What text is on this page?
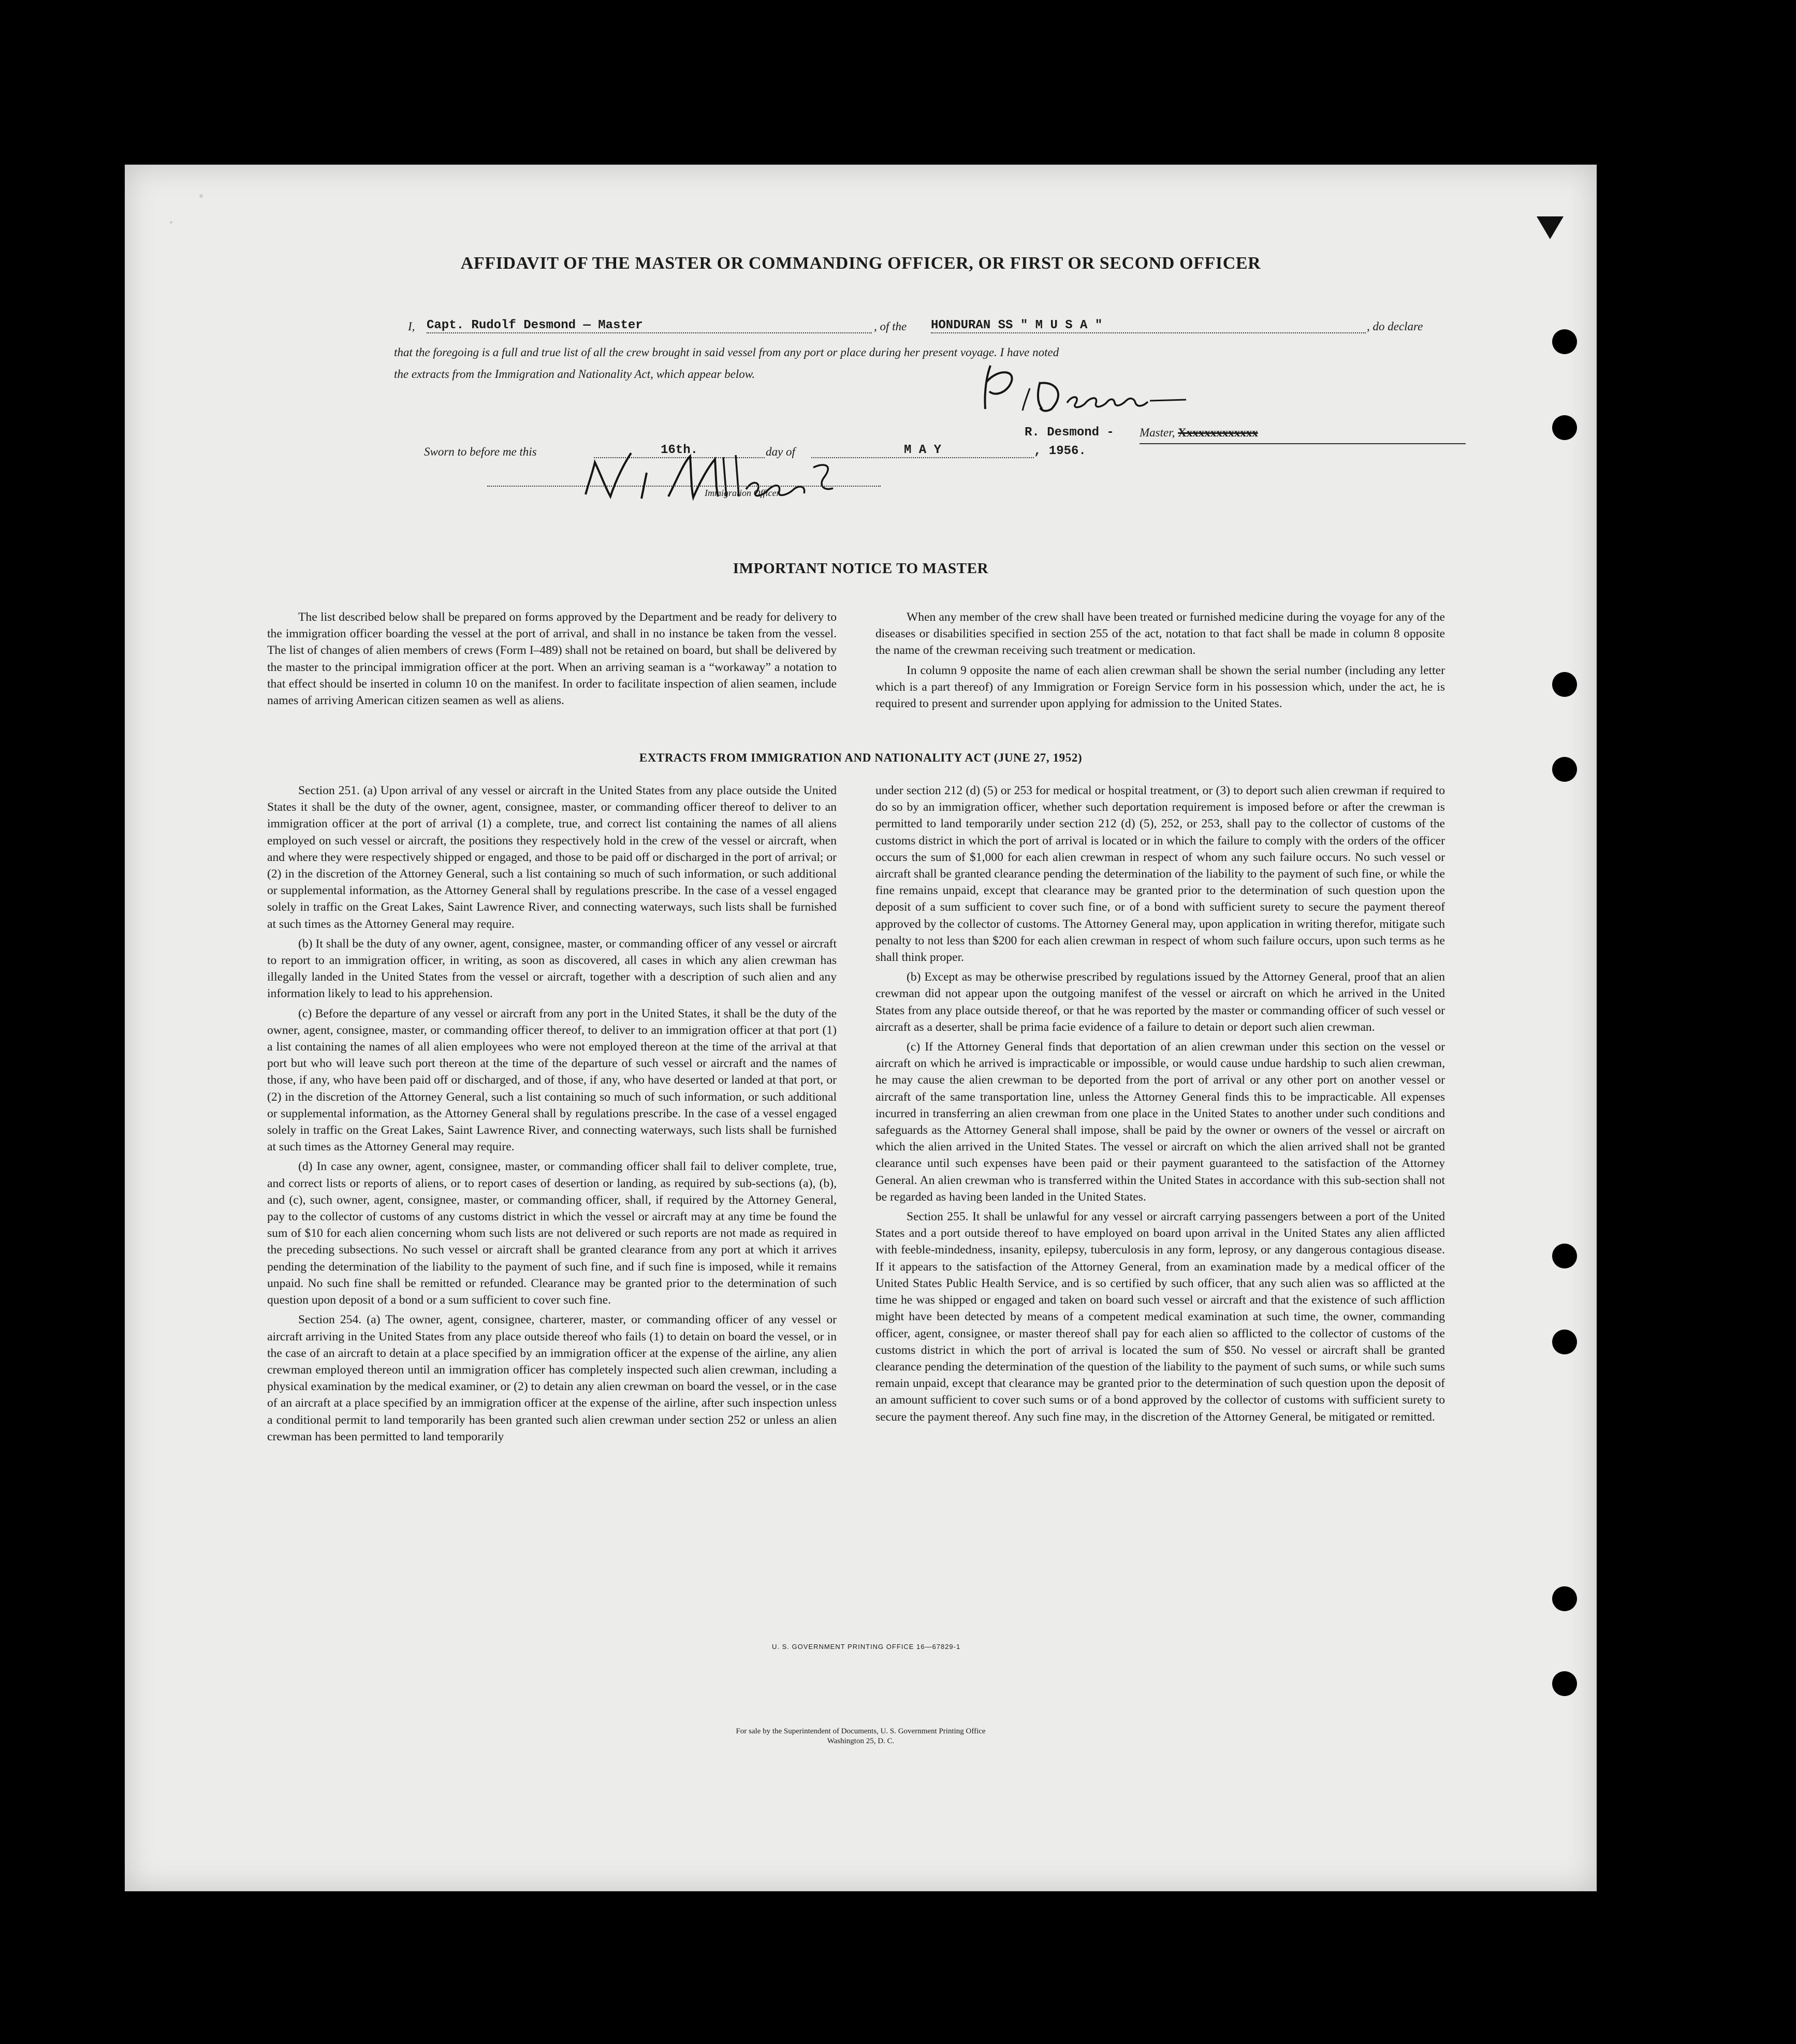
AFFIDAVIT OF THE MASTER OR COMMANDING OFFICER, OR FIRST OR SECOND OFFICER
I, Capt. Rudolf Desmond — Master	, of the HONDURAN SS " M U S A "	, do declare
that the foregoing is a full and true list of all the crew brought in said vessel from any port or place during her present voyage. I have noted
the extracts from the Immigration and Nationality Act, which appear below.
R. Desmond - Master, Xxxxxxxxxxxxx
Sworn to before me this	16th.	day of	M A Y	, 1956.
Immigration Officer.
IMPORTANT NOTICE TO MASTER

The list described below shall be prepared on forms approved by the Department and be ready for delivery to the immigration officer boarding the vessel at the port of arrival, and shall in no instance be taken from the vessel. The list of changes of alien members of crews (Form I–489) shall not be retained on board, but shall be delivered by the master to the principal immigration officer at the port. When an arriving seaman is a “workaway” a notation to that effect should be inserted in column 10 on the manifest. In order to facilitate inspection of alien seamen, include names of arriving American citizen seamen as well as aliens.

When any member of the crew shall have been treated or furnished medicine during the voyage for any of the diseases or disabilities specified in section 255 of the act, notation to that fact shall be made in column 8 opposite the name of the crewman receiving such treatment or medication.

In column 9 opposite the name of each alien crewman shall be shown the serial number (including any letter which is a part thereof) of any Immigration or Foreign Service form in his possession which, under the act, he is required to present and surrender upon applying for admission to the United States.

EXTRACTS FROM IMMIGRATION AND NATIONALITY ACT (JUNE 27, 1952)

Section 251. (a) Upon arrival of any vessel or aircraft in the United States from any place outside the United States it shall be the duty of the owner, agent, consignee, master, or commanding officer thereof to deliver to an immigration officer at the port of arrival (1) a complete, true, and correct list containing the names of all aliens employed on such vessel or aircraft, the positions they respectively hold in the crew of the vessel or aircraft, when and where they were respectively shipped or engaged, and those to be paid off or discharged in the port of arrival; or (2) in the discretion of the Attorney General, such a list containing so much of such information, or such additional or supplemental information, as the Attorney General shall by regulations prescribe. In the case of a vessel engaged solely in traffic on the Great Lakes, Saint Lawrence River, and connecting waterways, such lists shall be furnished at such times as the Attorney General may require.

(b) It shall be the duty of any owner, agent, consignee, master, or commanding officer of any vessel or aircraft to report to an immigration officer, in writing, as soon as discovered, all cases in which any alien crewman has illegally landed in the United States from the vessel or aircraft, together with a description of such alien and any information likely to lead to his apprehension.

(c) Before the departure of any vessel or aircraft from any port in the United States, it shall be the duty of the owner, agent, consignee, master, or commanding officer thereof, to deliver to an immigration officer at that port (1) a list containing the names of all alien employees who were not employed thereon at the time of the arrival at that port but who will leave such port thereon at the time of the departure of such vessel or aircraft and the names of those, if any, who have been paid off or discharged, and of those, if any, who have deserted or landed at that port, or (2) in the discretion of the Attorney General, such a list containing so much of such information, or such additional or supplemental information, as the Attorney General shall by regulations prescribe. In the case of a vessel engaged solely in traffic on the Great Lakes, Saint Lawrence River, and connecting waterways, such lists shall be furnished at such times as the Attorney General may require.

(d) In case any owner, agent, consignee, master, or commanding officer shall fail to deliver complete, true, and correct lists or reports of aliens, or to report cases of desertion or landing, as required by sub-sections (a), (b), and (c), such owner, agent, consignee, master, or commanding officer, shall, if required by the Attorney General, pay to the collector of customs of any customs district in which the vessel or aircraft may at any time be found the sum of $10 for each alien concerning whom such lists are not delivered or such reports are not made as required in the preceding subsections. No such vessel or aircraft shall be granted clearance from any port at which it arrives pending the determination of the liability to the payment of such fine, and if such fine is imposed, while it remains unpaid. No such fine shall be remitted or refunded. Clearance may be granted prior to the determination of such question upon deposit of a bond or a sum sufficient to cover such fine.

Section 254. (a) The owner, agent, consignee, charterer, master, or commanding officer of any vessel or aircraft arriving in the United States from any place outside thereof who fails (1) to detain on board the vessel, or in the case of an aircraft to detain at a place specified by an immigration officer at the expense of the airline, any alien crewman employed thereon until an immigration officer has completely inspected such alien crewman, including a physical examination by the medical examiner, or (2) to detain any alien crewman on board the vessel, or in the case of an aircraft at a place specified by an immigration officer at the expense of the airline, after such inspection unless a conditional permit to land temporarily has been granted such alien crewman under section 252 or unless an alien crewman has been permitted to land temporarily

under section 212 (d) (5) or 253 for medical or hospital treatment, or (3) to deport such alien crewman if required to do so by an immigration officer, whether such deportation requirement is imposed before or after the crewman is permitted to land temporarily under section 212 (d) (5), 252, or 253, shall pay to the collector of customs of the customs district in which the port of arrival is located or in which the failure to comply with the orders of the officer occurs the sum of $1,000 for each alien crewman in respect of whom any such failure occurs. No such vessel or aircraft shall be granted clearance pending the determination of the liability to the payment of such fine, or while the fine remains unpaid, except that clearance may be granted prior to the determination of such question upon the deposit of a sum sufficient to cover such fine, or of a bond with sufficient surety to secure the payment thereof approved by the collector of customs. The Attorney General may, upon application in writing therefor, mitigate such penalty to not less than $200 for each alien crewman in respect of whom such failure occurs, upon such terms as he shall think proper.

(b) Except as may be otherwise prescribed by regulations issued by the Attorney General, proof that an alien crewman did not appear upon the outgoing manifest of the vessel or aircraft on which he arrived in the United States from any place outside thereof, or that he was reported by the master or commanding officer of such vessel or aircraft as a deserter, shall be prima facie evidence of a failure to detain or deport such alien crewman.

(c) If the Attorney General finds that deportation of an alien crewman under this section on the vessel or aircraft on which he arrived is impracticable or impossible, or would cause undue hardship to such alien crewman, he may cause the alien crewman to be deported from the port of arrival or any other port on another vessel or aircraft of the same transportation line, unless the Attorney General finds this to be impracticable. All expenses incurred in transferring an alien crewman from one place in the United States to another under such conditions and safeguards as the Attorney General shall impose, shall be paid by the owner or owners of the vessel or aircraft on which the alien arrived in the United States. The vessel or aircraft on which the alien arrived shall not be granted clearance until such expenses have been paid or their payment guaranteed to the satisfaction of the Attorney General. An alien crewman who is transferred within the United States in accordance with this sub-section shall not be regarded as having been landed in the United States.

Section 255. It shall be unlawful for any vessel or aircraft carrying passengers between a port of the United States and a port outside thereof to have employed on board upon arrival in the United States any alien afflicted with feeble-mindedness, insanity, epilepsy, tuberculosis in any form, leprosy, or any dangerous contagious disease. If it appears to the satisfaction of the Attorney General, from an examination made by a medical officer of the United States Public Health Service, and is so certified by such officer, that any such alien was so afflicted at the time he was shipped or engaged and taken on board such vessel or aircraft and that the existence of such affliction might have been detected by means of a competent medical examination at such time, the owner, commanding officer, agent, consignee, or master thereof shall pay for each alien so afflicted to the collector of customs of the customs district in which the port of arrival is located the sum of $50. No vessel or aircraft shall be granted clearance pending the determination of the question of the liability to the payment of such sums, or while such sums remain unpaid, except that clearance may be granted prior to the determination of such question upon the deposit of an amount sufficient to cover such sums or of a bond approved by the collector of customs with sufficient surety to secure the payment thereof. Any such fine may, in the discretion of the Attorney General, be mitigated or remitted.

U. S. GOVERNMENT PRINTING OFFICE 16—67829-1
For sale by the Superintendent of Documents, U. S. Government Printing Office
Washington 25, D. C.
